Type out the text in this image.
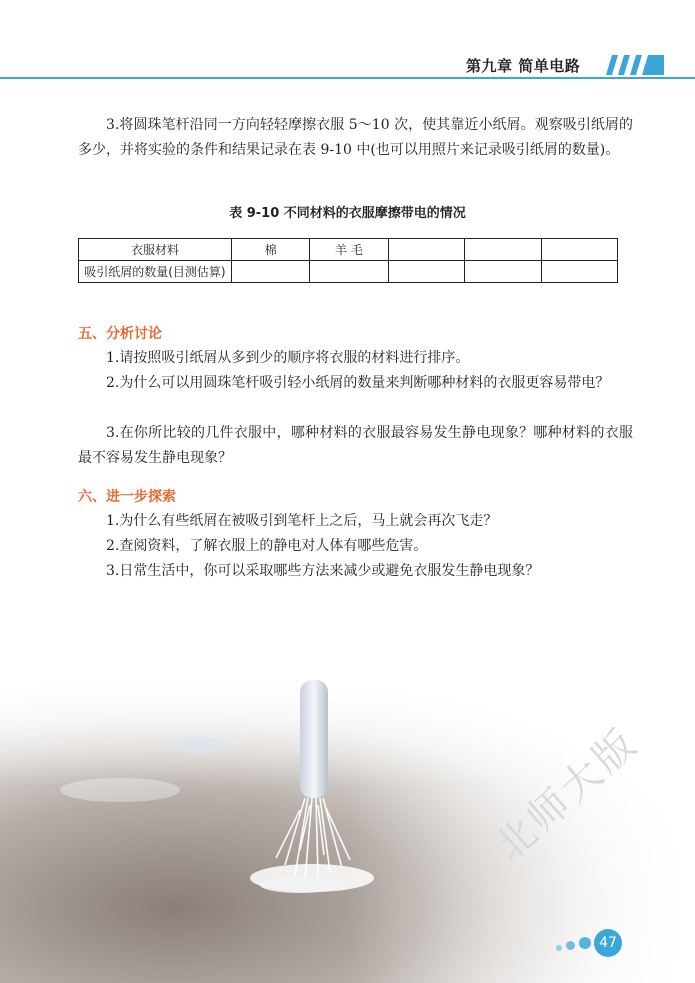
第九章 简单电路
3.将圆珠笔杆沿同一方向轻轻摩擦衣服 5～10 次，使其靠近小纸屑。观察吸引纸屑的多少，并将实验的条件和结果记录在表 9-10 中(也可以用照片来记录吸引纸屑的数量)。
表 9-10 不同材料的衣服摩擦带电的情况
衣服材料	棉	羊 毛			
吸引纸屑的数量(目测估算)					
五、分析讨论
1.请按照吸引纸屑从多到少的顺序将衣服的材料进行排序。
2.为什么可以用圆珠笔杆吸引轻小纸屑的数量来判断哪种材料的衣服更容易带电？
3.在你所比较的几件衣服中，哪种材料的衣服最容易发生静电现象？哪种材料的衣服最不容易发生静电现象？
六、进一步探索
1.为什么有些纸屑在被吸引到笔杆上之后，马上就会再次飞走？
2.查阅资料，了解衣服上的静电对人体有哪些危害。
3.日常生活中，你可以采取哪些方法来减少或避免衣服发生静电现象？
北师大版
47
